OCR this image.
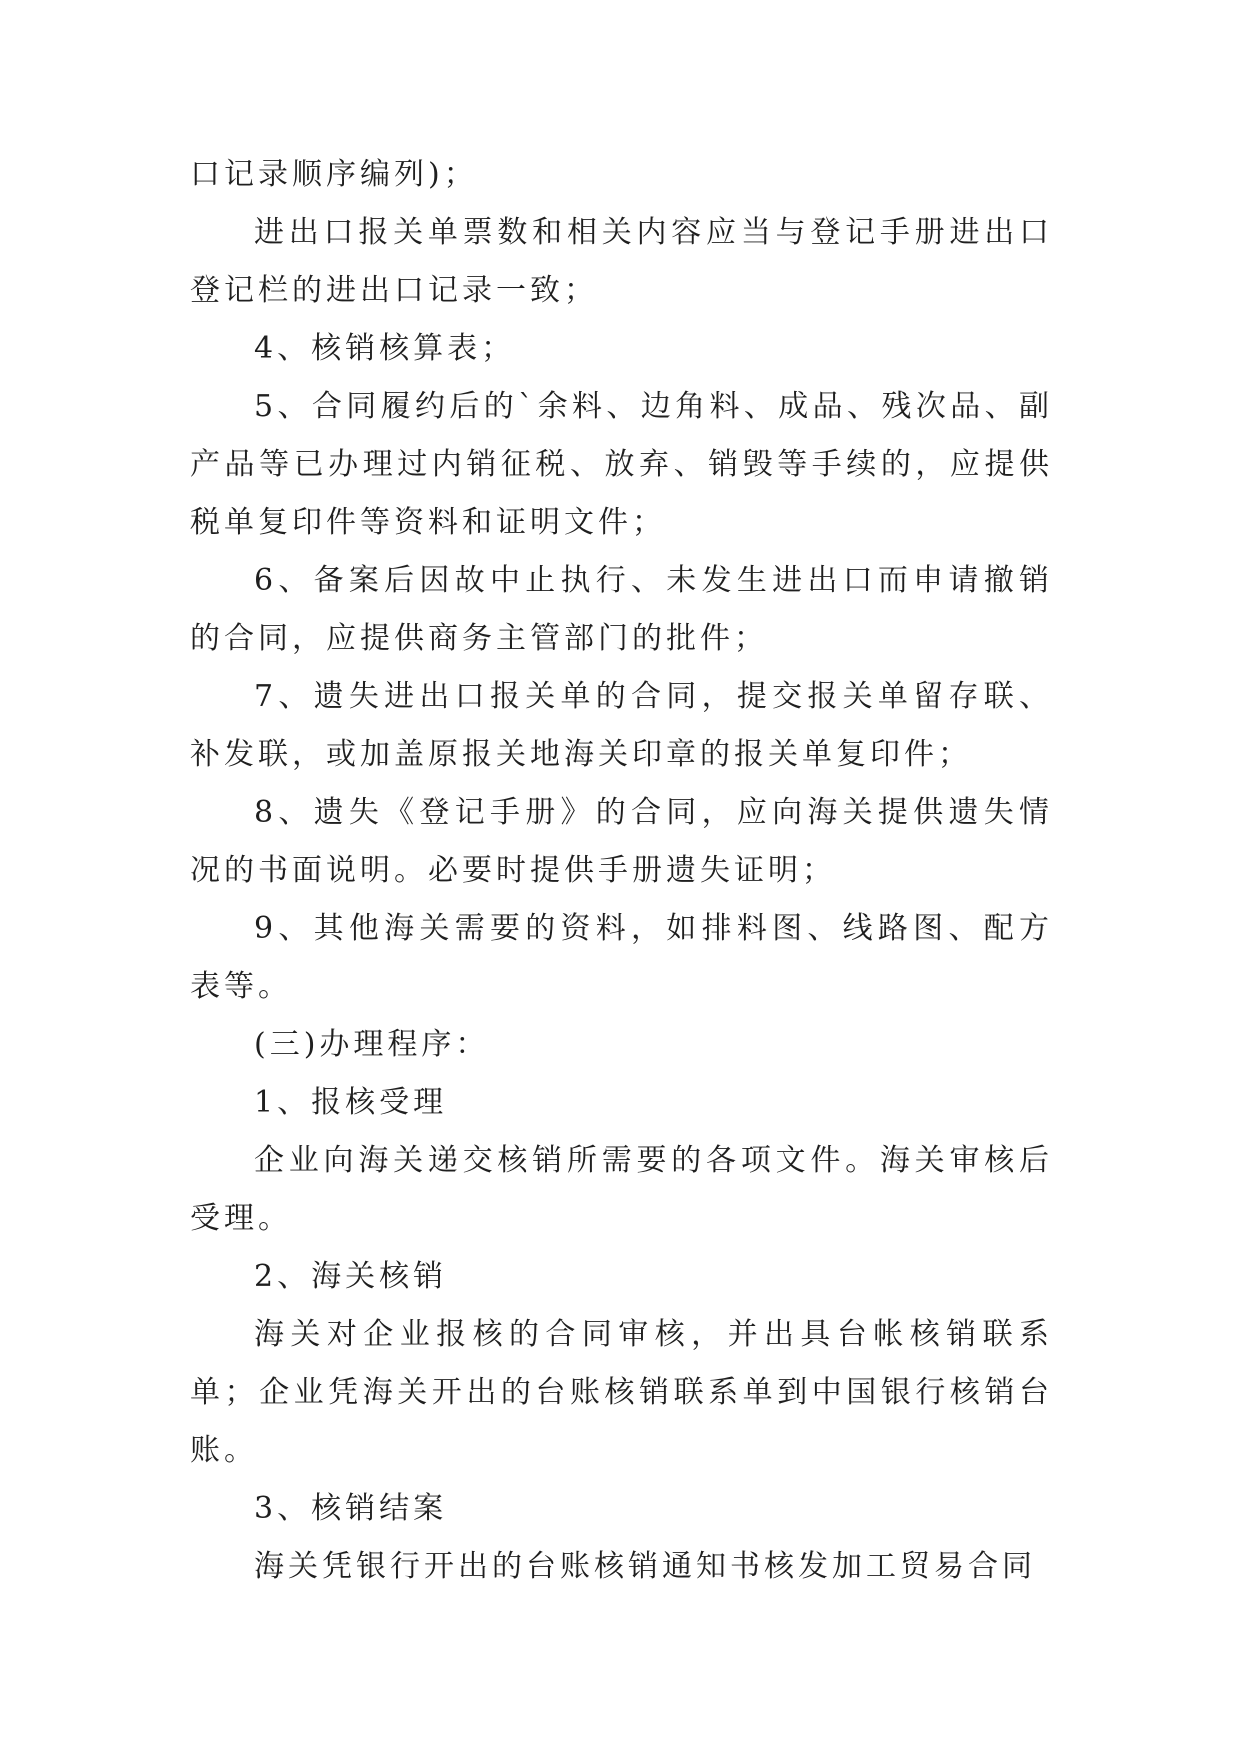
口记录顺序编列)；

进出口报关单票数和相关内容应当与登记手册进出口登记栏的进出口记录一致；

4、核销核算表；

5、合同履约后的`余料、边角料、成品、残次品、副产品等已办理过内销征税、放弃、销毁等手续的，应提供税单复印件等资料和证明文件；

6、备案后因故中止执行、未发生进出口而申请撤销的合同，应提供商务主管部门的批件；

7、遗失进出口报关单的合同，提交报关单留存联、补发联，或加盖原报关地海关印章的报关单复印件；

8、遗失《登记手册》的合同，应向海关提供遗失情况的书面说明。必要时提供手册遗失证明；

9、其他海关需要的资料，如排料图、线路图、配方表等。

(三)办理程序：

1、报核受理

企业向海关递交核销所需要的各项文件。海关审核后受理。

2、海关核销

海关对企业报核的合同审核，并出具台帐核销联系单；企业凭海关开出的台账核销联系单到中国银行核销台账。

3、核销结案

海关凭银行开出的台账核销通知书核发加工贸易合同
